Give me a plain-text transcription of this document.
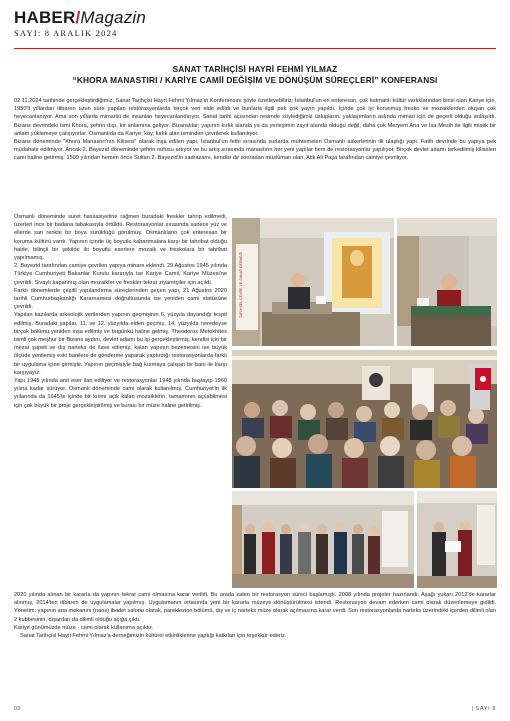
HABER/Magazin
SAYI: 8 ARALIK 2024
SANAT TARİHÇİSİ HAYRİ FEHMİ YILMAZ
“KHORA MANASTIRI / KARİYE CAMİİ DEĞİŞİM VE DÖNÜŞÜM SÜREÇLERİ” KONFERANSI

02.11.2024 tarihinde gerçekleştirdiğimiz, Sanat Tarihçisi Hayri Fehmi Yılmaz'ın Konferansını şöyle özetleyebiliriz; İstanbul'un en enteresan, çok katmanlı kültür varlıklarından birisi olan Kariye için, 1950'li yıllardan itibaren uzun süre yapılan restorasyonlarda birçok veri elde edildi ve bunlarla ilgili pek çok yayın yapıldı. İçinde çok iyi korunmuş fresko ve mozaiklerden oluşan çok heyecanlanıyor. Ama son yıllarda mimarisi de insanları heyecanlandırıyor. Sanat tarihi açısından resimde söylediğimiz üslupların, yaklaşımların aslında mimari için de geçerli olduğu anlaşıldı. Bizans devrindeki ismi Khora, şehrin dışı, kır anlamına geliyor. Bizanslılar; yapının kırlık alanda ya da yerleşimin zayıf alanda olduğu değil, daha çok Meryem Ana ve İsa Mesih ile ilgili mistik bir anlam yüklemeye çalışıyorlar. Osmanlıda da Kariye; köy, kırlık alan isminden çevrilerek kullanılıyor.

Bizans döneminde "Khora Manastırı'nın Kilisesi" olarak inşa edilen yapı, İstanbul'un fethi sırasında surlarda muhtemelen Osmanlı askerlerinin ilk ulaştığı yapı. Fatih devrinde bu yapıya pek müdahale edilmiyor. Ancak 2. Bayezid döneminde şehrin nüfusu artıyor ve bu artış sırasında manastırın her yeni yapılar hem de restorasyonlar yapılıyor. Birçok devlet adamı terkedilmiş kiliseleri cami haline getirmiş. 1509 yılından hemen önce Sultan 2. Bayezid'in sadrazamı, kendisi de sonradan müslüman olan, Atik Ali Paşa tarafından camiye çevriliyor.

Osmanlı döneminde suret hassasiyetine rağmen buradaki freskler tahrip edilmedi, üzerleri ince bir badana tabakasıyla örtüldü. Restorasyonlar sırasında sadece yüz ve ellerde san renkte bir boya sürüldüğü görülmüş. Osmanlıların çok enteresan bir koruma kültürü vardı. Yapının içinde üç boyutlu kabartmalara karşı bir tahribat olduğu halde, bilinçli bir şekilde iki boyutlu eserlere mozaik ve freskolara bir tahribat yapılmamış.

2. Bayezid tarafından camiye çevrilen yapıya minare eklendi. 29 Ağustos 1945 yılında Türkiye Cumhuriyeti Bakanlar Kurulu kararıyla ise Kariye Camii, Kariye Müzesi'ne çevrildi. Sivaylı kapanmış olan mozaikler ve freskler tekrar ziyaretçiler için açıldı.

Farklı dönemlerde çeşitli yapılandırma süreçlerinden geçen yapı, 21 Ağustos 2020 tarihli Cumhurbaşkanlığı Kararnamesi doğrultusunda ise yeniden cami statüsüne çevrildi.

Yapılan kazılarda arkeolojik verilerden yapının geçmişinin 6. yüzyıla dayandığı tespit edilmiş. Buradaki yapılar, 11. ve 12. yüzyılda elden geçmiş, 14. yüzyılda neredeyse birçok bölümü yeniden inşa edilmiş ve bugünkü haline gelmiş. Theodoros Metokhites isimli çok meşhur bir Bizans aydını, devlet adamı bu işi gerçekleştirmiş, kendisi için bir mezar şapeli ve dış narteks de ilave ettirmiş, kalan yapının bezemesini ise büyük ölçüde yenilemiş eski banilere de gönderme yaparak yaptırdığı restorasyonlarda farklı bir uygulama içine girmiştir. Yapının geçmişiyle bağ kurmaya çalışan bir bani ile karşı karşıyayız.

Yapı 1945 yılında anıt eser ilan ediliyor ve restorasyonlar 1948 yılında başlayıp 1960 yılına kadar sürüyor. Osmanlı döneminde cami olarak kullanılmış. Cumhuriyet'in ilk yıllarında da 1945'te içinde bir kısmı açık kalan mozaiklerin, tamamının açılabilmesi için çok büyük bir proje gerçekleştirilmiş ve burası bir müze haline getirilmiş.

TARİHSEL ÇEVRE VE SANAT DERNEĞİ

2020 yılında alınan bir kararla da yapının tekrar cami olmasına karar verildi. Bu arada zaten bir restorasyon süreci başlamıştı. 2008 yılında projeler hazırlandı, Aşağı yukarı 2012'de kararlar alınmış, 2014'ten itibaren de uygulamalar yapılmış. Uygulamanın ortasında yeni bir kararla müzeye dönüştürülmesi istendi. Restorasyon devam ederken cami olarak düzenlemeye gidildi. Yönetim; yapının ana mekanını (naos) ibadet salonu olarak, pareklezion bölümü, dış ve iç narteks müze olarak açılmasına karar verdi. Son restorasyonlarda narteks üzerindeki içerden dilimli olan 2 kubbesinin, dışardan da dilimli olduğu açığa çıktı.

Kariye günümüzde müze - cami olarak kullanıma açıktır.

Sanat Tarihçisi Hayri Fehmi Yılmaz'a derneğimizin kültürel etkinliklerine yaptığı katkıları için teşekkür ederiz.

03	| SAYI 8
